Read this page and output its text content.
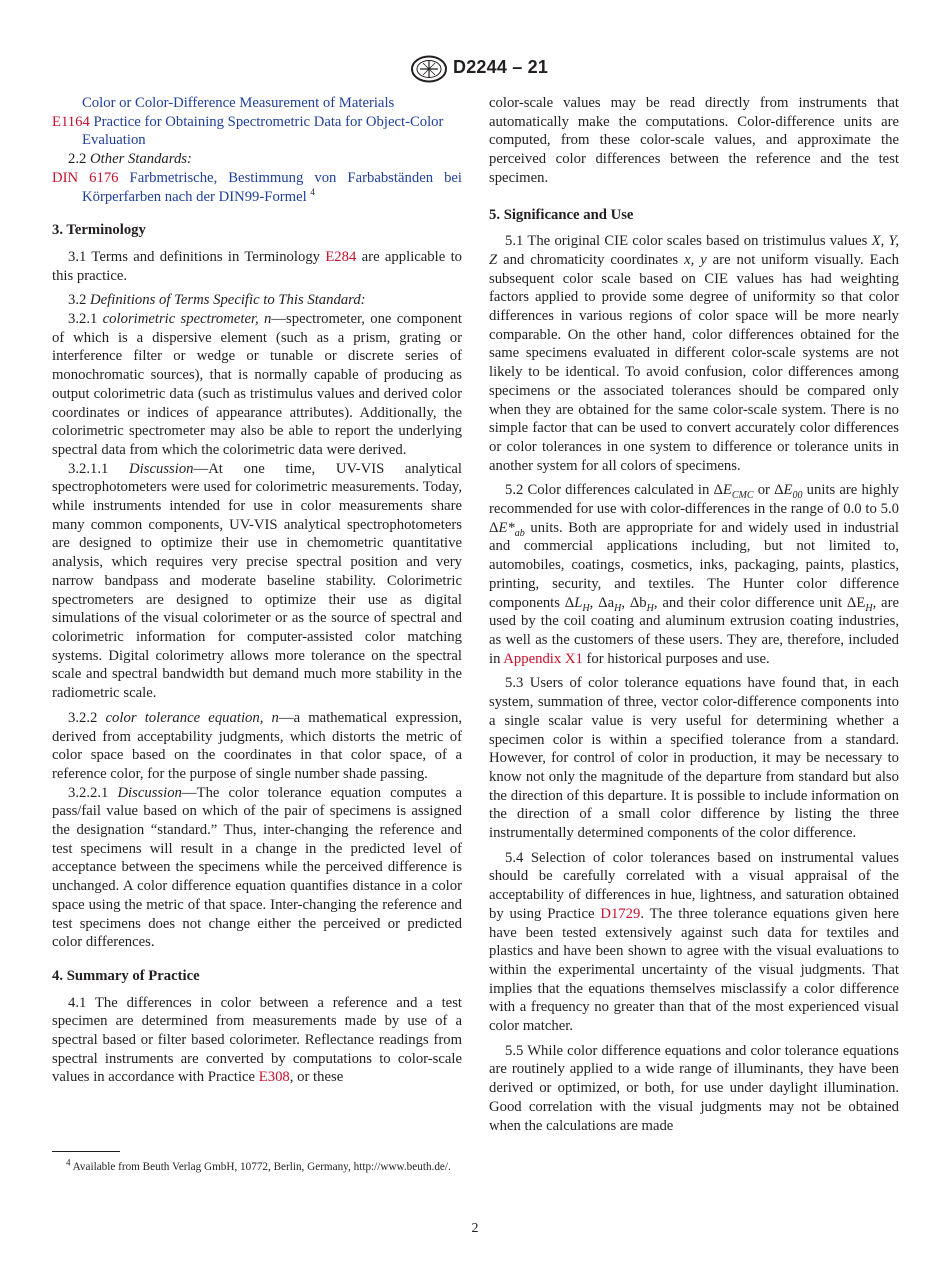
D2244 – 21

Color or Color-Difference Measurement of Materials

E1164 Practice for Obtaining Spectrometric Data for Object-Color Evaluation

2.2 Other Standards:

DIN 6176 Farbmetrische, Bestimmung von Farbabständen bei Körperfarben nach der DIN99-Formel $^4$

3. Terminology

3.1 Terms and definitions in Terminology E284 are applicable to this practice.

3.2 Definitions of Terms Specific to This Standard:

3.2.1 colorimetric spectrometer, n—spectrometer, one component of which is a dispersive element (such as a prism, grating or interference filter or wedge or tunable or discrete series of monochromatic sources), that is normally capable of producing as output colorimetric data (such as tristimulus values and derived color coordinates or indices of appearance attributes). Additionally, the colorimetric spectrometer may also be able to report the underlying spectral data from which the colorimetric data were derived.

3.2.1.1 Discussion—At one time, UV-VIS analytical spectrophotometers were used for colorimetric measurements. Today, while instruments intended for use in color measurements share many common components, UV-VIS analytical spectrophotometers are designed to optimize their use in chemometric quantitative analysis, which requires very precise spectral position and very narrow bandpass and moderate baseline stability. Colorimetric spectrometers are designed to optimize their use as digital simulations of the visual colorimeter or as the source of spectral and colorimetric information for computer-assisted color matching systems. Digital colorimetry allows more tolerance on the spectral scale and spectral bandwidth but demand much more stability in the radiometric scale.

3.2.2 color tolerance equation, n—a mathematical expression, derived from acceptability judgments, which distorts the metric of color space based on the coordinates in that color space, of a reference color, for the purpose of single number shade passing.

3.2.2.1 Discussion—The color tolerance equation computes a pass/fail value based on which of the pair of specimens is assigned the designation “standard.” Thus, inter-changing the reference and test specimens will result in a change in the predicted level of acceptance between the specimens while the perceived difference is unchanged. A color difference equation quantifies distance in a color space using the metric of that space. Inter-changing the reference and test specimens does not change either the perceived or predicted color differences.

4. Summary of Practice

4.1 The differences in color between a reference and a test specimen are determined from measurements made by use of a spectral based or filter based colorimeter. Reflectance readings from spectral instruments are converted by computations to color-scale values in accordance with Practice E308, or these

$^4$ Available from Beuth Verlag GmbH, 10772, Berlin, Germany, http://www.beuth.de/.

color-scale values may be read directly from instruments that automatically make the computations. Color-difference units are computed, from these color-scale values, and approximate the perceived color differences between the reference and the test specimen.

5. Significance and Use

5.1 The original CIE color scales based on tristimulus values X, Y, Z and chromaticity coordinates x, y are not uniform visually. Each subsequent color scale based on CIE values has had weighting factors applied to provide some degree of uniformity so that color differences in various regions of color space will be more nearly comparable. On the other hand, color differences obtained for the same specimens evaluated in different color-scale systems are not likely to be identical. To avoid confusion, color differences among specimens or the associated tolerances should be compared only when they are obtained for the same color-scale system. There is no simple factor that can be used to convert accurately color differences or color tolerances in one system to difference or tolerance units in another system for all colors of specimens.

5.2 Color differences calculated in $\Delta E_{CMC}$ or $\Delta E_{00}$ units are highly recommended for use with color-differences in the range of 0.0 to 5.0 $\Delta E*_{ab}$ units. Both are appropriate for and widely used in industrial and commercial applications including, but not limited to, automobiles, coatings, cosmetics, inks, packaging, paints, plastics, printing, security, and textiles. The Hunter color difference components $\Delta L_H$, $\Delta a_H$, $\Delta b_H$, and their color difference unit $\Delta E_H$, are used by the coil coating and aluminum extrusion coating industries, as well as the customers of these users. They are, therefore, included in Appendix X1 for historical purposes and use.

5.3 Users of color tolerance equations have found that, in each system, summation of three, vector color-difference components into a single scalar value is very useful for determining whether a specimen color is within a specified tolerance from a standard. However, for control of color in production, it may be necessary to know not only the magnitude of the departure from standard but also the direction of this departure. It is possible to include information on the direction of a small color difference by listing the three instrumentally determined components of the color difference.

5.4 Selection of color tolerances based on instrumental values should be carefully correlated with a visual appraisal of the acceptability of differences in hue, lightness, and saturation obtained by using Practice D1729. The three tolerance equations given here have been tested extensively against such data for textiles and plastics and have been shown to agree with the visual evaluations to within the experimental uncertainty of the visual judgments. That implies that the equations themselves misclassify a color difference with a frequency no greater than that of the most experienced visual color matcher.

5.5 While color difference equations and color tolerance equations are routinely applied to a wide range of illuminants, they have been derived or optimized, or both, for use under daylight illumination. Good correlation with the visual judgments may not be obtained when the calculations are made

2
